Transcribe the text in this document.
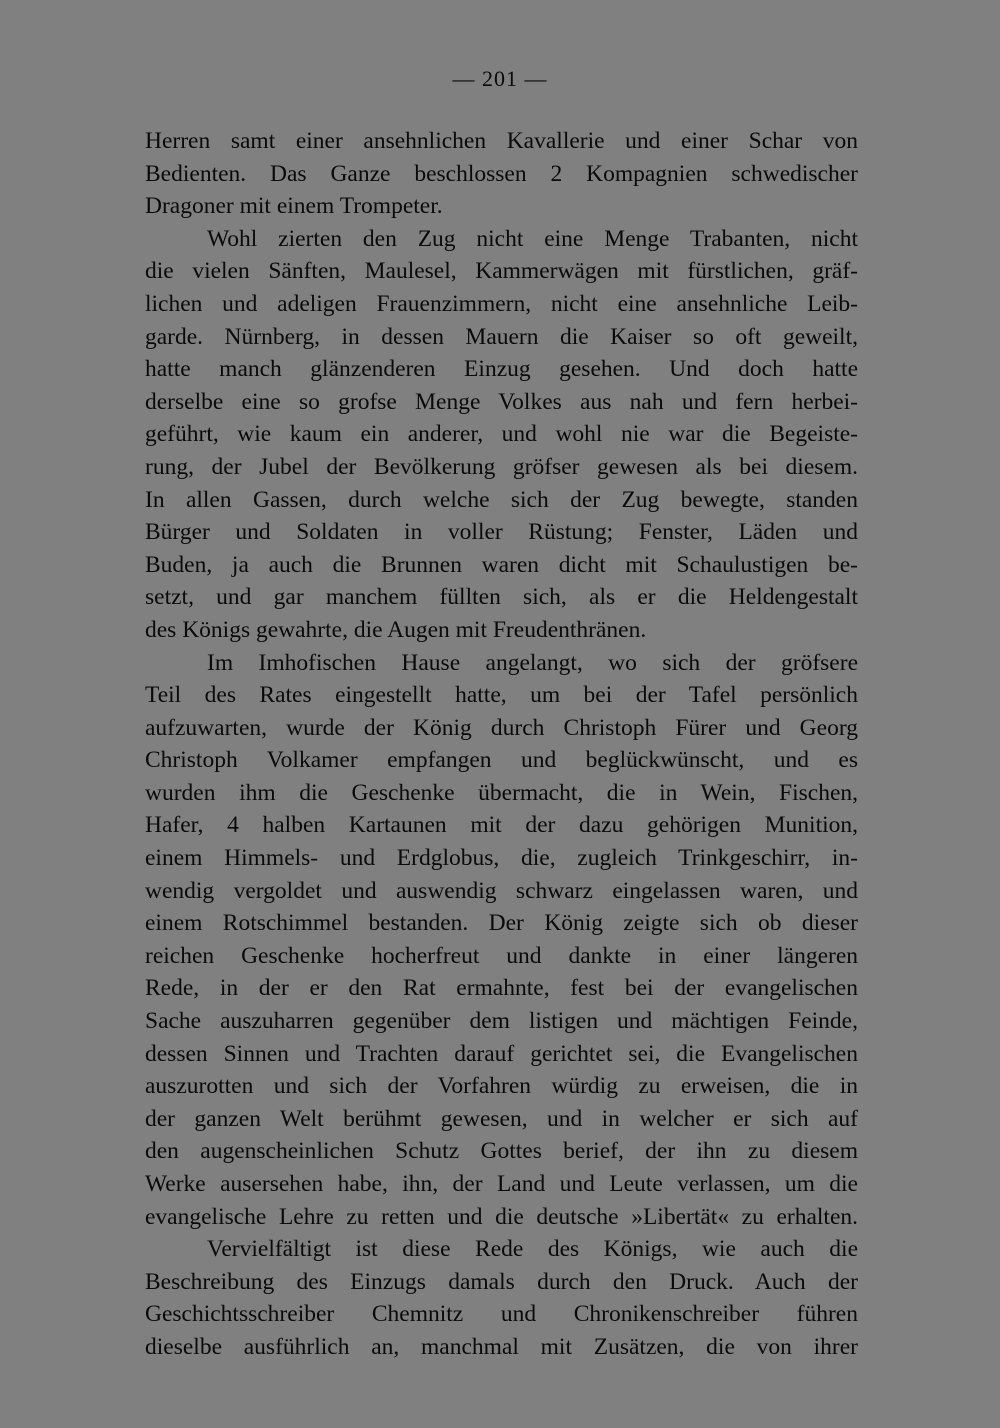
— 201 —
Herren samt einer ansehnlichen Kavallerie und einer Schar von
Bedienten. Das Ganze beschlossen 2 Kompagnien schwedischer
Dragoner mit einem Trompeter.
Wohl zierten den Zug nicht eine Menge Trabanten, nicht
die vielen Sänften, Maulesel, Kammerwägen mit fürstlichen, gräf-
lichen und adeligen Frauenzimmern, nicht eine ansehnliche Leib-
garde. Nürnberg, in dessen Mauern die Kaiser so oft geweilt,
hatte manch glänzenderen Einzug gesehen. Und doch hatte
derselbe eine so grofse Menge Volkes aus nah und fern herbei-
geführt, wie kaum ein anderer, und wohl nie war die Begeiste-
rung, der Jubel der Bevölkerung gröfser gewesen als bei diesem.
In allen Gassen, durch welche sich der Zug bewegte, standen
Bürger und Soldaten in voller Rüstung; Fenster, Läden und
Buden, ja auch die Brunnen waren dicht mit Schaulustigen be-
setzt, und gar manchem füllten sich, als er die Heldengestalt
des Königs gewahrte, die Augen mit Freudenthränen.
Im Imhofischen Hause angelangt, wo sich der gröfsere
Teil des Rates eingestellt hatte, um bei der Tafel persönlich
aufzuwarten, wurde der König durch Christoph Fürer und Georg
Christoph Volkamer empfangen und beglückwünscht, und es
wurden ihm die Geschenke übermacht, die in Wein, Fischen,
Hafer, 4 halben Kartaunen mit der dazu gehörigen Munition,
einem Himmels- und Erdglobus, die, zugleich Trinkgeschirr, in-
wendig vergoldet und auswendig schwarz eingelassen waren, und
einem Rotschimmel bestanden. Der König zeigte sich ob dieser
reichen Geschenke hocherfreut und dankte in einer längeren
Rede, in der er den Rat ermahnte, fest bei der evangelischen
Sache auszuharren gegenüber dem listigen und mächtigen Feinde,
dessen Sinnen und Trachten darauf gerichtet sei, die Evangelischen
auszurotten und sich der Vorfahren würdig zu erweisen, die in
der ganzen Welt berühmt gewesen, und in welcher er sich auf
den augenscheinlichen Schutz Gottes berief, der ihn zu diesem
Werke ausersehen habe, ihn, der Land und Leute verlassen, um die
evangelische Lehre zu retten und die deutsche »Libertät« zu erhalten.
Vervielfältigt ist diese Rede des Königs, wie auch die
Beschreibung des Einzugs damals durch den Druck. Auch der
Geschichtsschreiber Chemnitz und Chronikenschreiber führen
dieselbe ausführlich an, manchmal mit Zusätzen, die von ihrer
